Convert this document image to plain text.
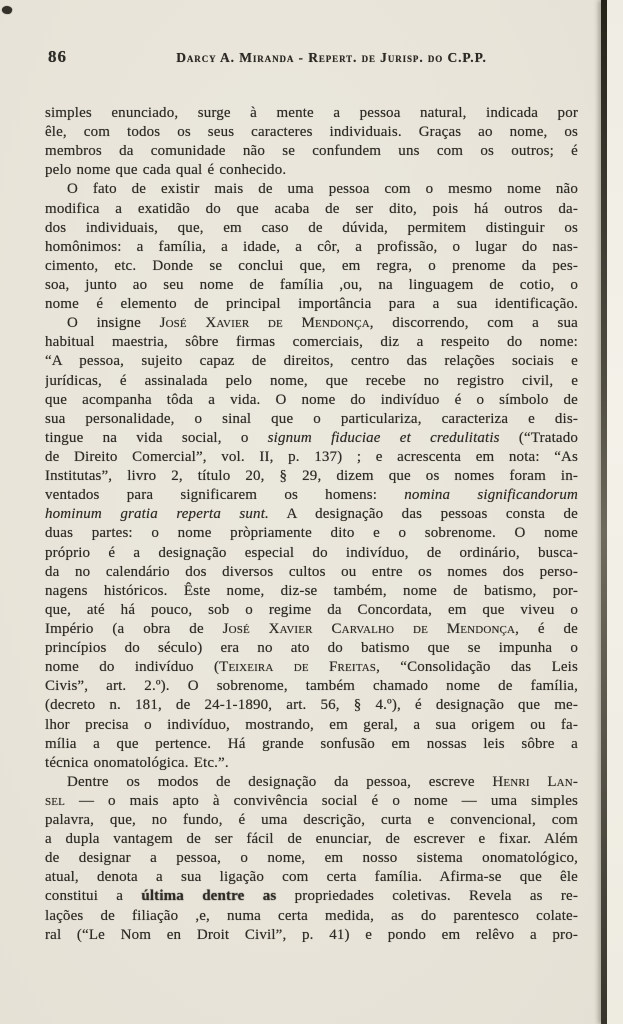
86	Darcy A. Miranda - Repert. de Jurisp. do C.P.P.
simples enunciado, surge à mente a pessoa natural, indicada por
êle, com todos os seus caracteres individuais. Graças ao nome, os
membros da comunidade não se confundem uns com os outros; é
pelo nome que cada qual é conhecido.
O fato de existir mais de uma pessoa com o mesmo nome não
modifica a exatidão do que acaba de ser dito, pois há outros da-
dos individuais, que, em caso de dúvida, permitem distinguir os
homônimos: a família, a idade, a côr, a profissão, o lugar do nas-
cimento, etc. Donde se conclui que, em regra, o prenome da pes-
soa, junto ao seu nome de família ,ou, na linguagem de cotio, o
nome é elemento de principal importância para a sua identificação.
O insigne José Xavier de Mendonça, discorrendo, com a sua
habitual maestria, sôbre firmas comerciais, diz a respeito do nome:
“A pessoa, sujeito capaz de direitos, centro das relações sociais e
jurídicas, é assinalada pelo nome, que recebe no registro civil, e
que acompanha tôda a vida. O nome do indivíduo é o símbolo de
sua personalidade, o sinal que o particulariza, caracteriza e dis-
tingue na vida social, o signum fiduciae et credulitatis (“Tratado
de Direito Comercial”, vol. II, p. 137) ; e acrescenta em nota: “As
Institutas”, livro 2, título 20, § 29, dizem que os nomes foram in-
ventados para significarem os homens: nomina significandorum
hominum gratia reperta sunt. A designação das pessoas consta de
duas partes: o nome pròpriamente dito e o sobrenome. O nome
próprio é a designação especial do indivíduo, de ordinário, busca-
da no calendário dos diversos cultos ou entre os nomes dos perso-
nagens históricos. Êste nome, diz-se também, nome de batismo, por-
que, até há pouco, sob o regime da Concordata, em que viveu o
Império (a obra de José Xavier Carvalho de Mendonça, é de
princípios do século) era no ato do batismo que se impunha o
nome do indivíduo (Teixeira de Freitas, “Consolidação das Leis
Civis”, art. 2.º). O sobrenome, também chamado nome de família,
(decreto n. 181, de 24-1-1890, art. 56, § 4.º), é designação que me-
lhor precisa o indivíduo, mostrando, em geral, a sua origem ou fa-
mília a que pertence. Há grande sonfusão em nossas leis sôbre a
técnica onomatológica. Etc.”.
Dentre os modos de designação da pessoa, escreve Henri Lan-
sel — o mais apto à convivência social é o nome — uma simples
palavra, que, no fundo, é uma descrição, curta e convencional, com
a dupla vantagem de ser fácil de enunciar, de escrever e fixar. Além
de designar a pessoa, o nome, em nosso sistema onomatológico,
atual, denota a sua ligação com certa família. Afirma-se que êle
constitui a última dentre as propriedades coletivas. Revela as re-
lações de filiação ,e, numa certa medida, as do parentesco colate-
ral (“Le Nom en Droit Civil”, p. 41) e pondo em relêvo a pro-
